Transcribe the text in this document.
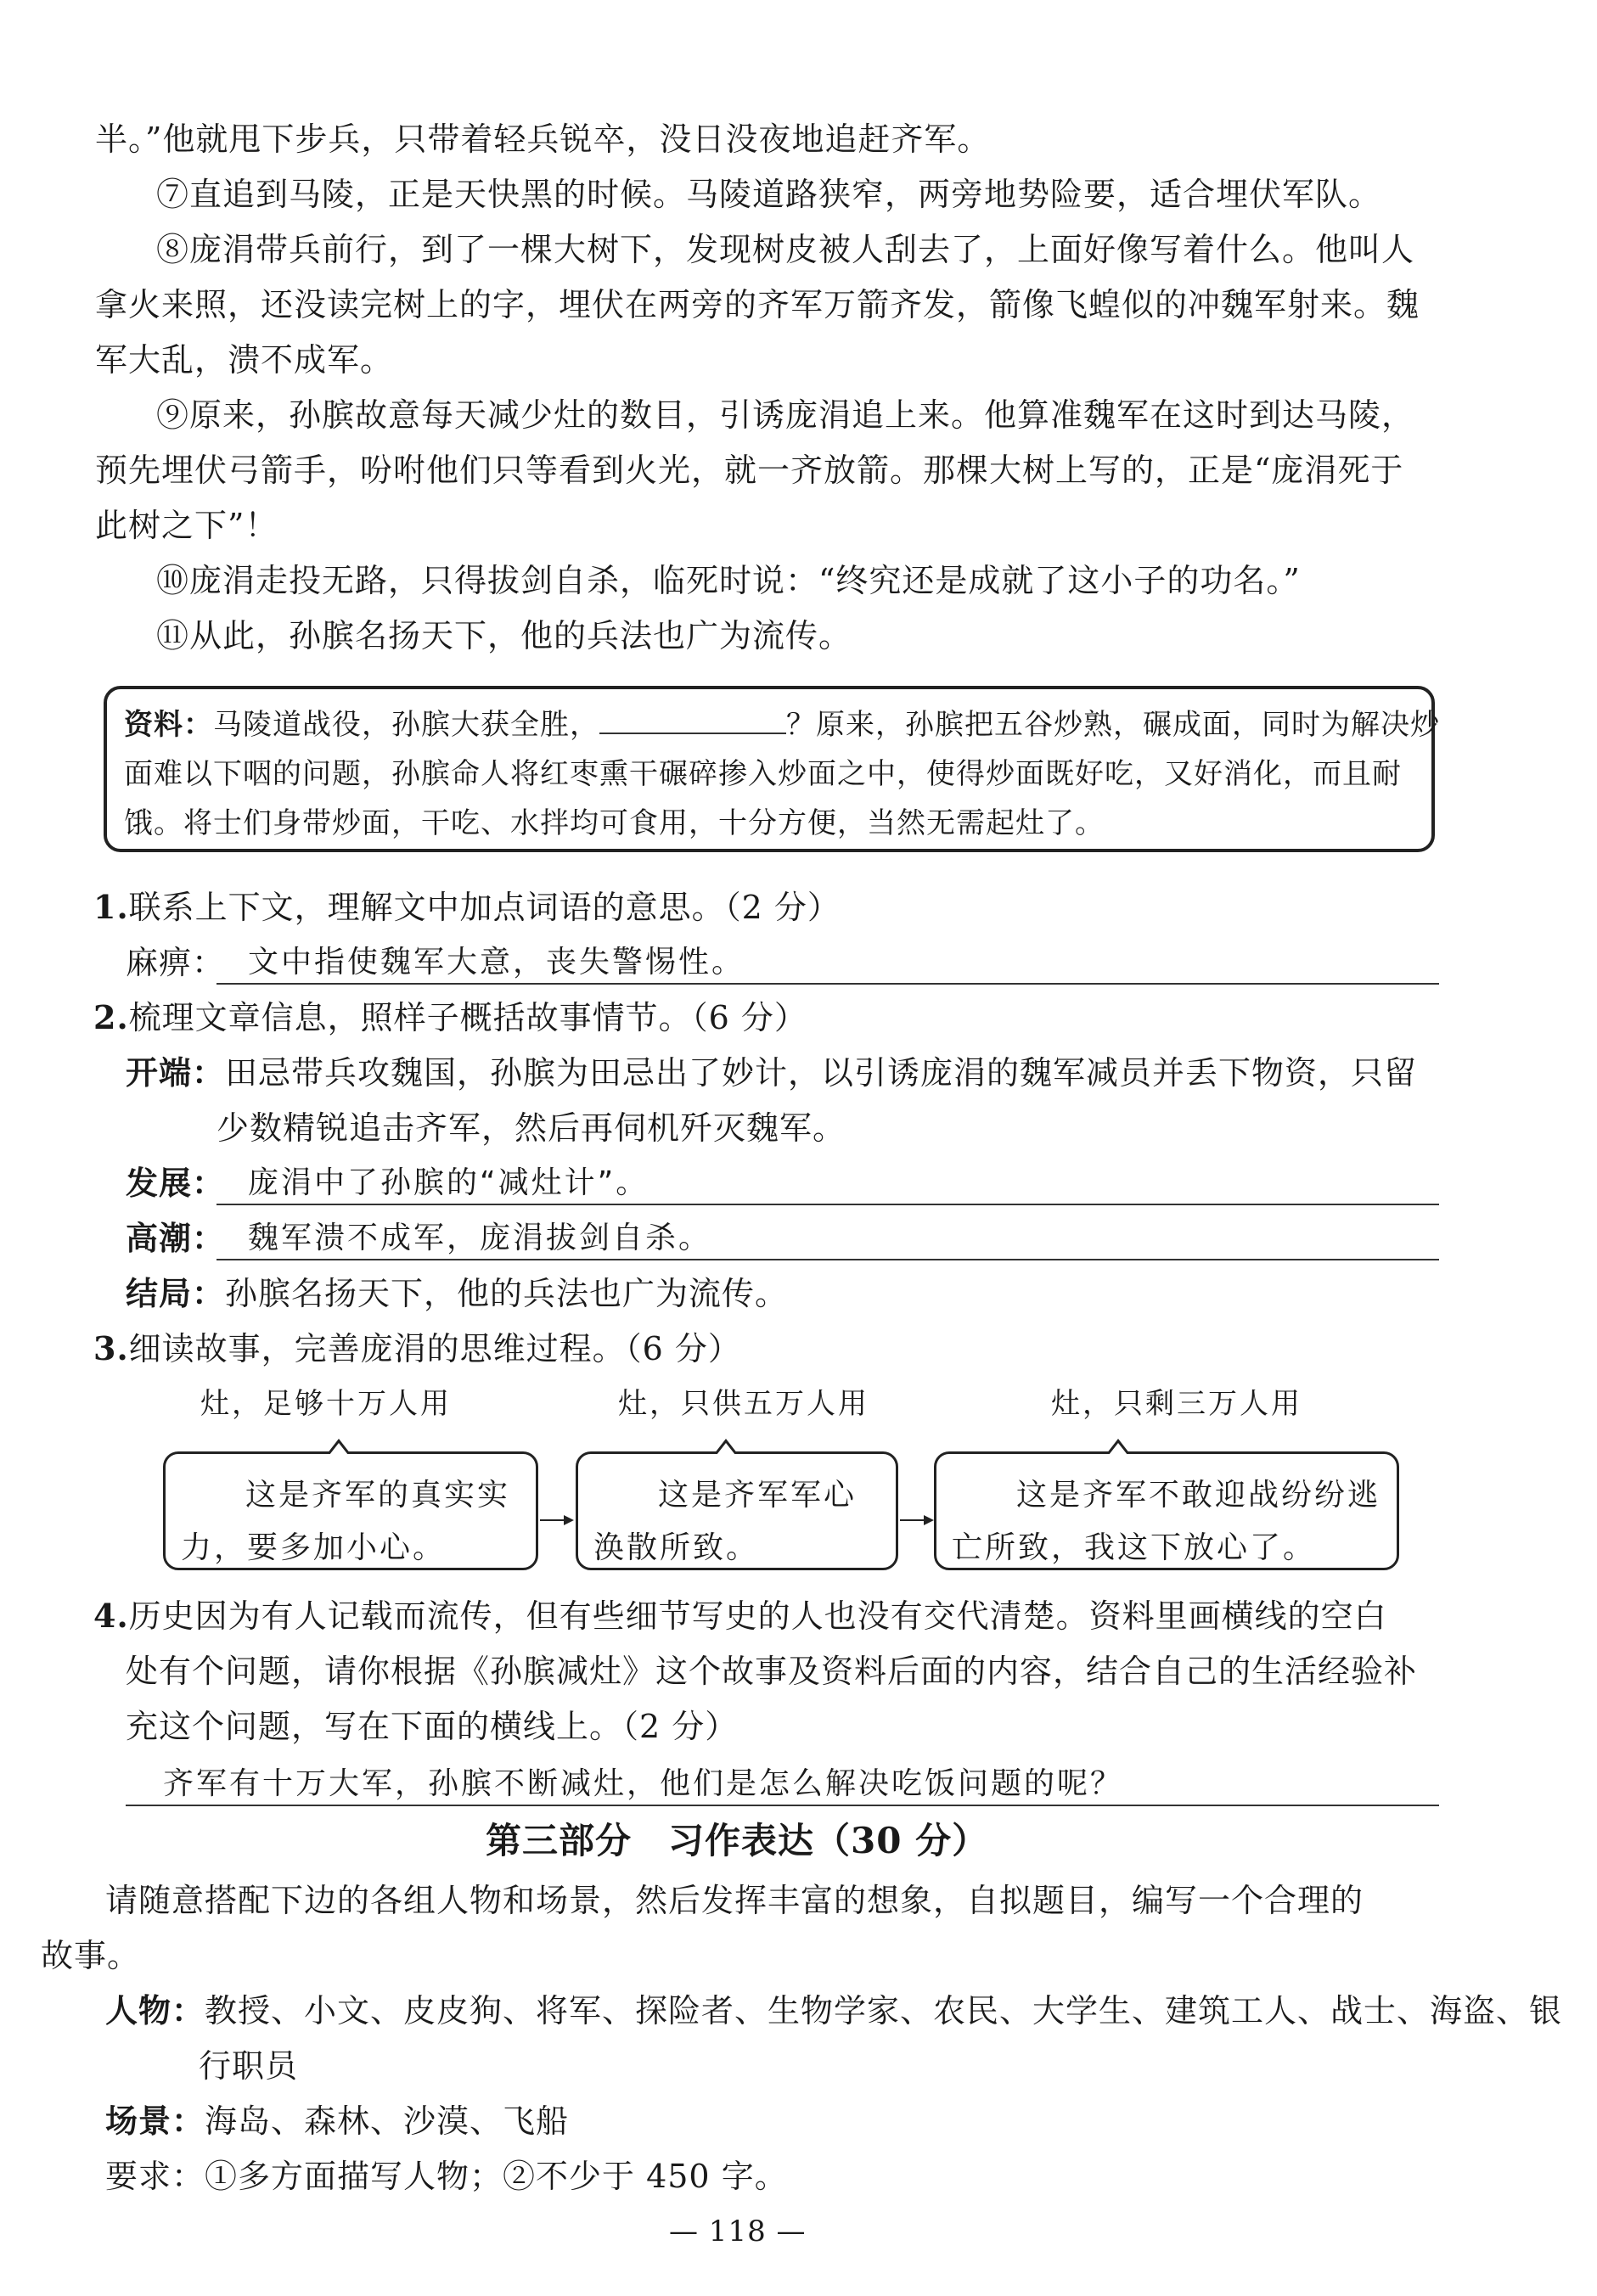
半。”他就甩下步兵，只带着轻兵锐卒，没日没夜地追赶齐军。
⑦直追到马陵，正是天快黑的时候。马陵道路狭窄，两旁地势险要，适合埋伏军队。
⑧庞涓带兵前行，到了一棵大树下，发现树皮被人刮去了，上面好像写着什么。他叫人
拿火来照，还没读完树上的字，埋伏在两旁的齐军万箭齐发，箭像飞蝗似的冲魏军射来。魏
军大乱，溃不成军。
⑨原来，孙膑故意每天减少灶的数目，引诱庞涓追上来。他算准魏军在这时到达马陵，
预先埋伏弓箭手，吩咐他们只等看到火光，就一齐放箭。那棵大树上写的，正是“庞涓死于
此树之下”！
⑩庞涓走投无路，只得拔剑自杀，临死时说：“终究还是成就了这小子的功名。”
⑪从此，孙膑名扬天下，他的兵法也广为流传。
资料：马陵道战役，孙膑大获全胜，	？原来，孙膑把五谷炒熟，碾成面，同时为解决炒
面难以下咽的问题，孙膑命人将红枣熏干碾碎掺入炒面之中，使得炒面既好吃，又好消化，而且耐
饿。将士们身带炒面，干吃、水拌均可食用，十分方便，当然无需起灶了。
1.联系上下文，理解文中加点词语的意思。（2 分）
麻痹： 文中指使魏军大意，丧失警惕性。
2.梳理文章信息，照样子概括故事情节。（6 分）
开端：田忌带兵攻魏国，孙膑为田忌出了妙计，以引诱庞涓的魏军减员并丢下物资，只留
少数精锐追击齐军，然后再伺机歼灭魏军。
发展： 庞涓中了孙膑的“减灶计”。
高潮： 魏军溃不成军，庞涓拔剑自杀。
结局：孙膑名扬天下，他的兵法也广为流传。
3.细读故事，完善庞涓的思维过程。（6 分）
灶，足够十万人用	灶，只供五万人用	灶，只剩三万人用
这是齐军的真实实力，要多加小心。
这是齐军军心涣散所致。
这是齐军不敢迎战纷纷逃亡所致，我这下放心了。
4.历史因为有人记载而流传，但有些细节写史的人也没有交代清楚。资料里画横线的空白
处有个问题，请你根据《孙膑减灶》这个故事及资料后面的内容，结合自己的生活经验补
充这个问题，写在下面的横线上。（2 分）
齐军有十万大军，孙膑不断减灶，他们是怎么解决吃饭问题的呢？
第三部分　习作表达（30 分）
请随意搭配下边的各组人物和场景，然后发挥丰富的想象，自拟题目，编写一个合理的
故事。
人物：教授、小文、皮皮狗、将军、探险者、生物学家、农民、大学生、建筑工人、战士、海盗、银
行职员
场景：海岛、森林、沙漠、飞船
要求：①多方面描写人物；②不少于 450 字。
— 118 —
